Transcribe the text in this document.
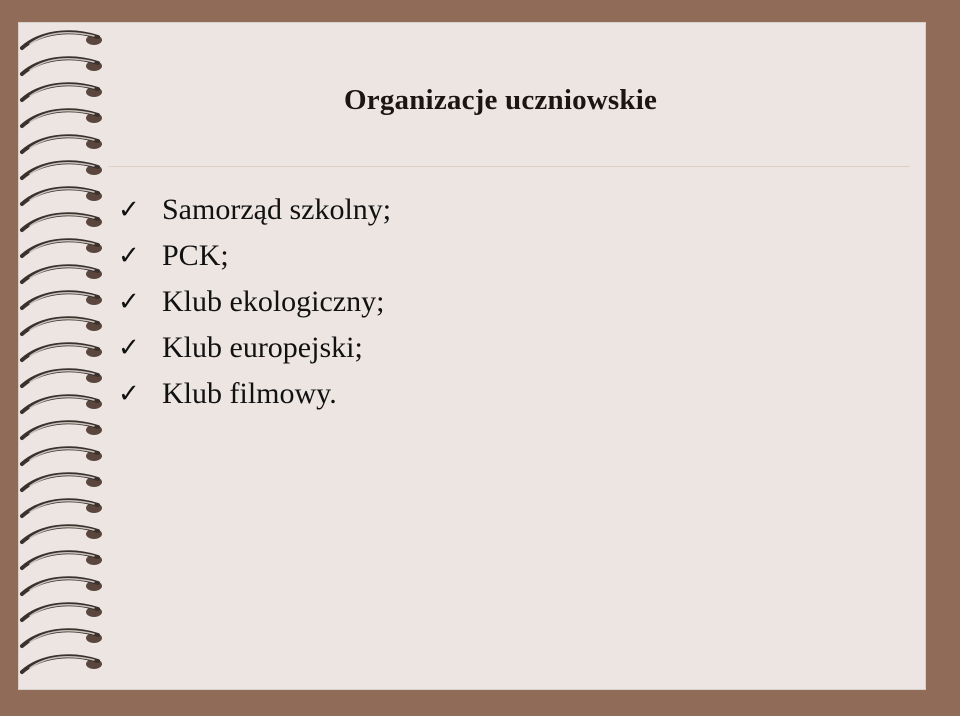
Organizacje uczniowskie
✓ Samorząd szkolny;
✓ PCK;
✓ Klub ekologiczny;
✓ Klub europejski;
✓ Klub filmowy.
